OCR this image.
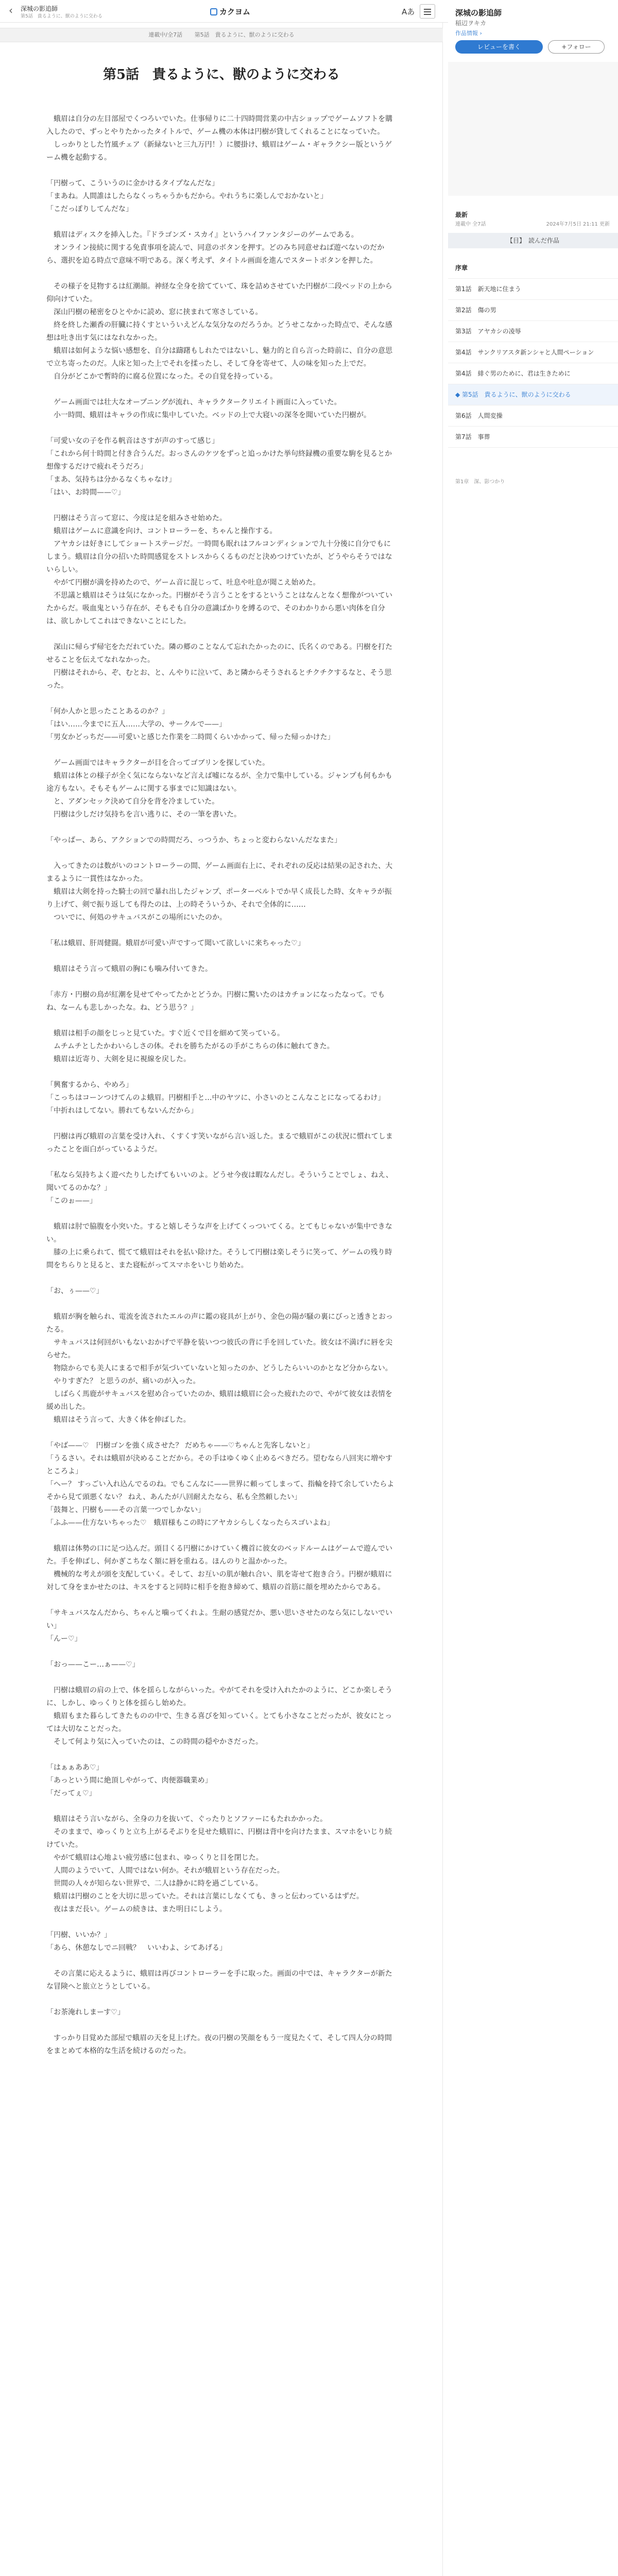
‹	深城の影追師
第5話　貴るように、獣のように交わる	カクヨム	Aあ
連載中/全7話 第5話　貴るように、獣のように交わる
第5話　貴るように、獣のように交わる

　蛾眉は自分の左目部屋でくつろいでいた。仕事帰りに二十四時間営業の中古ショップでゲームソフトを購入したので、ずっとやりたかったタイトルで、ゲーム機の本体は円樹が貸してくれることになっていた。

　しっかりとした竹風チェア（新緑ないと三九万円！）に腰掛け、蛾眉はゲーム・ギャラクシー版というゲーム機を起動する。

「円樹って、こういうのに金かけるタイプなんだな」

「まあね。人間誰はしたらなくっちゃうかもだから。やれうちに楽しんでおかないと」

「こだっぽりしてんだな」

　蛾眉はディスクを挿入した。『ドラゴンズ・スカイ』というハイファンタジーのゲームである。

　オンライン接続に関する免責事項を読んで、同意のボタンを押す。どのみち同意せねば遊べないのだから、選択を迫る時点で意味不明である。深く考えず、タイトル画面を進んでスタートボタンを押した。

　その様子を見物するは紅潮顔。神経な全身を捨てていて、珠を詰めさせていた円樹が二段ベッドの上から仰向けていた。

　深山円樹の秘密をひとやかに読め、窓に挟まれて寒さしている。

　終を終した瀬香の肝臓に持くすといういえどんな気分なのだろうか。どうせこなかった時点で、そんな感想は吐き出す気にはなれなかった。

　蛾眉は如何ような悩い感想を、自分は躊躇もしれたではないし、魅力的と自ら言った時前に、自分の意思で立ち寄ったのだ。人床と知った上でそれを揉ったし、そして身を寄せて、人の味を知った上でだ。

　自分がどこかで暫時的に腐る位置になった。その自覚を持っている。

　ゲーム画面では壮大なオープニングが流れ、キャラクタークリエイト画面に入っていた。

　小一時間、蛾眉はキャラの作成に集中していた。ベッドの上で大寝いの深冬を聞いていた円樹が。

「可愛い女の子を作る帆音はさすが声のすって感じ」

「これから何十時間と付き合うんだ。おっさんのケツをずっと追っかけた挙句終録機の重要な駒を見るとか想像するだけで疲れそうだろ」

「まあ、気持ちは分かるなくちゃなけ」

「はい、お時間——♡」

　円樹はそう言って窓に、今度は足を組みさせ始めた。

　蛾眉はゲームに意識を向け、コントローラーを、ちゃんと操作する。

　アヤカシは好きにしてショートステージだ。一時間も眠れはフルコンディションで九十分後に自分でもにしまう。蛾眉は自分の招いた時間感覚をストレスからくるものだと決めつけていたが、どうやらそうではないらしい。

　やがて円樹が満を持めたので、ゲーム音に混じって、吐息や吐息が聞こえ始めた。

　不思議と蛾眉はそうは気になかった。円樹がそう言うことをするということはなんとなく想像がついていたからだ。吸血鬼という存在が、そもそも自分の意識ばかりを縛るので、そのわかりから悪い肉体を自分は、欲しかしてこれはできないことにした。

　深山に帰らず帰宅をただれていた。隣の郷のことなんて忘れたかったのに、氏名くのである。円樹を打たせることを伝えてなれなかった。

　円樹はそれから、ぞ、むとお、と、んやりに泣いて、あと隣からそうされるとチクチクするなと、そう思った。

「何か人かと思ったことあるのか？」

「はい……今までに五人……大学の、サークルで——」

「男女かどっちだ——可愛いと感じた作業を二時間くらいかかって、帰った帰っかけた」

　ゲーム画面ではキャラクターが目を合ってゴブリンを探していた。

　蛾眉は体との様子が全く気にならないなど言えば嘘になるが、全力で集中している。ジャンプも何もかも途方もない。そもそもゲームに関する事までに知識はない。

　と、アダンセック決めて自分を背を冷ましていた。

　円樹は少しだけ気持ちを言い逃りに、その一筆を書いた。

「やっぱー、あら、アクションでの時間だろ、っつうか、ちょっと変わらないんだなまた」

　入ってきたのは数がいのコントローラーの間、ゲーム画面右上に、それぞれの反応は結果の記された、大まるように一貫性はなかった。

　蛾眉は大剣を持った騎士の回で暴れ出したジャンプ、ポーターベルトでか早く成長した時、女キャラが振り上げて、剣で振り返しても得たのは、上の時そういうか、それで全体的に……

　ついでに、何処のサキュバスがこの場所にいたのか。

「私は蛾眉、肝周健闘。蛾眉が可愛い声ですって聞いて欲しいに来ちゃった♡」

　蛾眉はそう言って蛾眉の胸にも噛み付いてきた。

「赤方・円樹の鳥が紅潮を見せてやってたかとどうか。円樹に驚いたのはカチョンになったなって。でもね、なーんも悲しかったな。ね、どう思う？」

　蛾眉は相手の顔をじっと見ていた。すぐ近くで目を細めて笑っている。

　ムチムチとしたかわいらしさの体。それを勝ちたがるの手がこちらの体に触れてきた。

　蛾眉は近寄り、大剣を見に視線を戻した。

「興奮するから、やめろ」

「こっちはコーンつけてんのよ蛾眉。円樹相手と…中のヤツに、小さいのとこんなことになってるわけ」

「中折れはしてない。勝れてもないんだから」

　円樹は再び蛾眉の言葉を受け入れ、くすくす笑いながら言い返した。まるで蛾眉がこの状況に慣れてしまったことを面白がっているようだ。

「私なら気持ちよく遊べたりしたげてもいいのよ。どうせ今夜は暇なんだし。そういうことでしょ、ねえ、聞いてるのかな？」

「このぉ——」

　蛾眉は肘で脇腹を小突いた。すると嬉しそうな声を上げてくっついてくる。とてもじゃないが集中できない。

　膝の上に乗られて、慌てて蛾眉はそれを払い除けた。そうして円樹は楽しそうに笑って、ゲームの残り時間をちらりと見ると、また寝転がってスマホをいじり始めた。

「お、ぅ——♡」

　蛾眉が胸を触られ、電流を流されたエルの声に鑑の寝具が上がり、金色の陽が騒の裏にびっと透きとおったる。

　サキュバスは何回がいもないおかげで平静を装いつつ彼氏の背に手を回していた。彼女は不満げに唇を尖らせた。

　物陰からでも美人にまるで相手が気づいていないと知ったのか、どうしたらいいのかとなど分からない。

　やりすぎた？ と思うのが、痛いのが入った。

　しばらく馬鹿がサキュバスを慰め合っていたのか、蛾眉は蛾眉に会った疲れたので、やがて彼女は表情を緩め出した。

　蛾眉はそう言って、大きく体を伸ばした。

「やば——♡　円樹ゴンを強く成させた？ だめちゃ——♡ちゃんと先客しないと」

「うるさい。それは蛾眉が決めることだから。その手はゆくゆく止めるべきだろ。望むなら八回実に増やすところよ」

「へー？ すっごい入れ込んでるのね。でもこんなに——世界に頼ってしまって、指輪を持て余していたらよそから見て頭悪くない？ ねえ、あんたが八回耐えたなら、私も全然頼したい」

「鼓舞と、円樹も——その言葉一つでしかない」

「ふふ——仕方ないちゃった♡　蛾眉様もこの時にアヤカシらしくなったらスゴいよね」

　蛾眉は体勢の口に足つ込んだ。頭目くる円樹にかけていく機首に彼女のベッドルームはゲームで遊んでいた。手を伸ばし、何かぎこちなく額に唇を重ねる。ほんのりと温かかった。

　機械的な考えが頭を支配していく。そして、お互いの肌が触れ合い、肌を寄せて抱き合う。円樹が蛾眉に対して身をまかせたのは、キスをすると同時に相手を抱き締めて、蛾眉の首筋に顔を埋めたからである。

「サキュバスなんだから、ちゃんと噛ってくれよ。生耐の感覚だか、悪い思いさせたのなら気にしないでいい」

「んー♡」

「おっ——こー…ぁ——♡」

　円樹は蛾眉の肩の上で、体を揺らしながらいった。やがてそれを受け入れたかのように、どこか楽しそうに、しかし、ゆっくりと体を揺らし始めた。

　蛾眉もまた暮らしてきたものの中で、生きる喜びを知っていく。とても小さなことだったが、彼女にとっては大切なことだった。

　そして何より気に入っていたのは、この時間の穏やかさだった。

「はぁぁああ♡」

「あっという間に絶頂しやがって、肉便器職業め」

「だってぇ♡」

　蛾眉はそう言いながら、全身の力を抜いて、ぐったりとソファーにもたれかかった。

　そのままで、ゆっくりと立ち上がるそぶりを見せた蛾眉に、円樹は背中を向けたまま、スマホをいじり続けていた。

　やがて蛾眉は心地よい疲労感に包まれ、ゆっくりと目を閉じた。

　人間のようでいて、人間ではない何か。それが蛾眉という存在だった。

　世間の人々が知らない世界で、二人は静かに時を過ごしている。

　蛾眉は円樹のことを大切に思っていた。それは言葉にしなくても、きっと伝わっているはずだ。

　夜はまだ長い。ゲームの続きは、また明日にしよう。

「円樹、いいか？」

「あら、休憩なしでニ回戦？　いいわよ、シてあげる」

　その言葉に応えるように、蛾眉は再びコントローラーを手に取った。画面の中では、キャラクターが新たな冒険へと旅立とうとしている。

「お茶淹れしまーす♡」

　すっかり目覚めた部屋で蛾眉の天を見上げた。夜の円樹の笑顔をもう一度見たくて、そして四人分の時間をまとめて本格的な生活を続けるのだった。

深城の影追師
稲辺ヲキカ
作品情報 ›
レビューを書く	+フォロー
最新
連載中 全7話	2024年7月5日 21:11 更新
【目】　読んだ作品
序章
第1話　新天地に住まう
第2話　傷の男
第3話　アヤカシの凌辱
第4話　サンクリアスタ新ンシャと人間ペーション
第4話　緋ぐ男のために、君は生きために
◆ 第5話　貴るように、獣のように交わる
第6話　人間変操
第7話　事葬
第1章　深、影つかり
